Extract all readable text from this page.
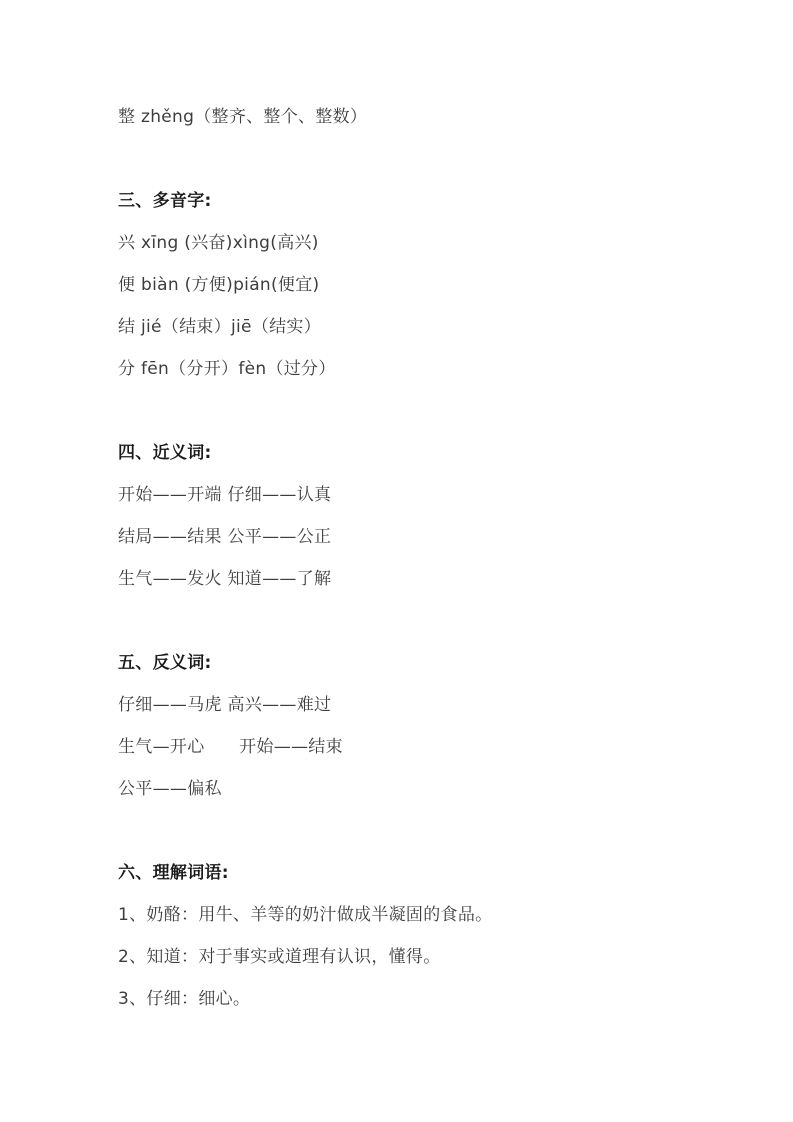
整 zhěng（整齐、整个、整数）

三、多音字:

兴 xīng (兴奋)xìng(高兴)

便 biàn (方便)pián(便宜)

结 jié（结束）jiē（结实）

分 fēn（分开）fèn（过分）

四、近义词:

开始——开端 仔细——认真

结局——结果 公平——公正

生气——发火 知道——了解

五、反义词:

仔细——马虎 高兴——难过

生气—开心　　开始——结束

公平——偏私

六、理解词语:

1、奶酪：用牛、羊等的奶汁做成半凝固的食品。

2、知道：对于事实或道理有认识，懂得。

3、仔细：细心。
